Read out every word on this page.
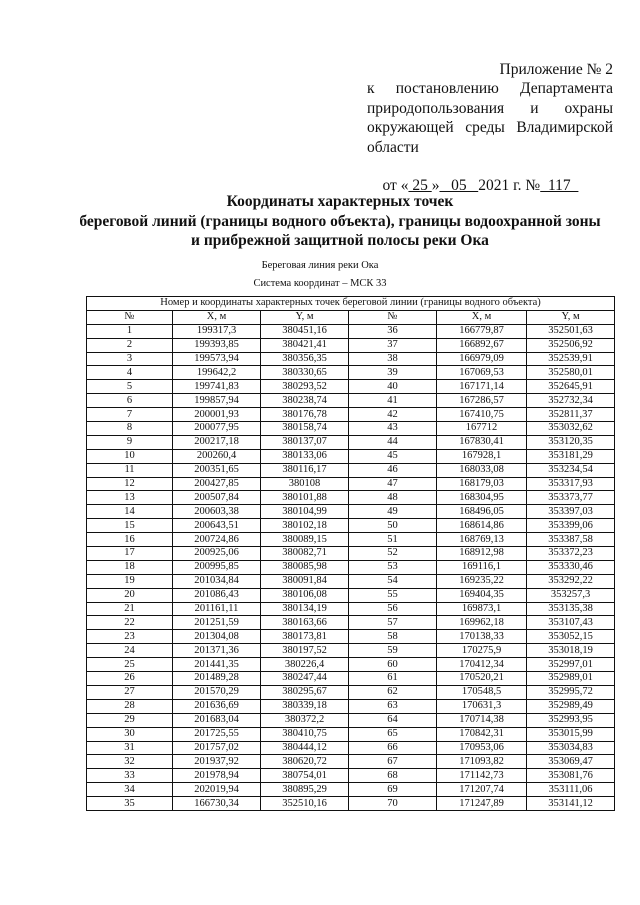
Приложение № 2
к постановлению Департамента
природопользования и охраны
окружающей среды Владимирской
области

от « 25 »   05   2021 г. №  117

Координаты характерных точек
береговой линий (границы водного объекта), границы водоохранной зоны
и прибрежной защитной полосы реки Ока
Береговая линия реки Ока
Система координат – МСК 33
Номер и координаты характерных точек береговой линии (границы водного объекта)					
№	X, м	Y, м	№	X, м	Y, м
1	199317,3	380451,16	36	166779,87	352501,63
2	199393,85	380421,41	37	166892,67	352506,92
3	199573,94	380356,35	38	166979,09	352539,91
4	199642,2	380330,65	39	167069,53	352580,01
5	199741,83	380293,52	40	167171,14	352645,91
6	199857,94	380238,74	41	167286,57	352732,34
7	200001,93	380176,78	42	167410,75	352811,37
8	200077,95	380158,74	43	167712	353032,62
9	200217,18	380137,07	44	167830,41	353120,35
10	200260,4	380133,06	45	167928,1	353181,29
11	200351,65	380116,17	46	168033,08	353234,54
12	200427,85	380108	47	168179,03	353317,93
13	200507,84	380101,88	48	168304,95	353373,77
14	200603,38	380104,99	49	168496,05	353397,03
15	200643,51	380102,18	50	168614,86	353399,06
16	200724,86	380089,15	51	168769,13	353387,58
17	200925,06	380082,71	52	168912,98	353372,23
18	200995,85	380085,98	53	169116,1	353330,46
19	201034,84	380091,84	54	169235,22	353292,22
20	201086,43	380106,08	55	169404,35	353257,3
21	201161,11	380134,19	56	169873,1	353135,38
22	201251,59	380163,66	57	169962,18	353107,43
23	201304,08	380173,81	58	170138,33	353052,15
24	201371,36	380197,52	59	170275,9	353018,19
25	201441,35	380226,4	60	170412,34	352997,01
26	201489,28	380247,44	61	170520,21	352989,01
27	201570,29	380295,67	62	170548,5	352995,72
28	201636,69	380339,18	63	170631,3	352989,49
29	201683,04	380372,2	64	170714,38	352993,95
30	201725,55	380410,75	65	170842,31	353015,99
31	201757,02	380444,12	66	170953,06	353034,83
32	201937,92	380620,72	67	171093,82	353069,47
33	201978,94	380754,01	68	171142,73	353081,76
34	202019,94	380895,29	69	171207,74	353111,06
35	166730,34	352510,16	70	171247,89	353141,12
